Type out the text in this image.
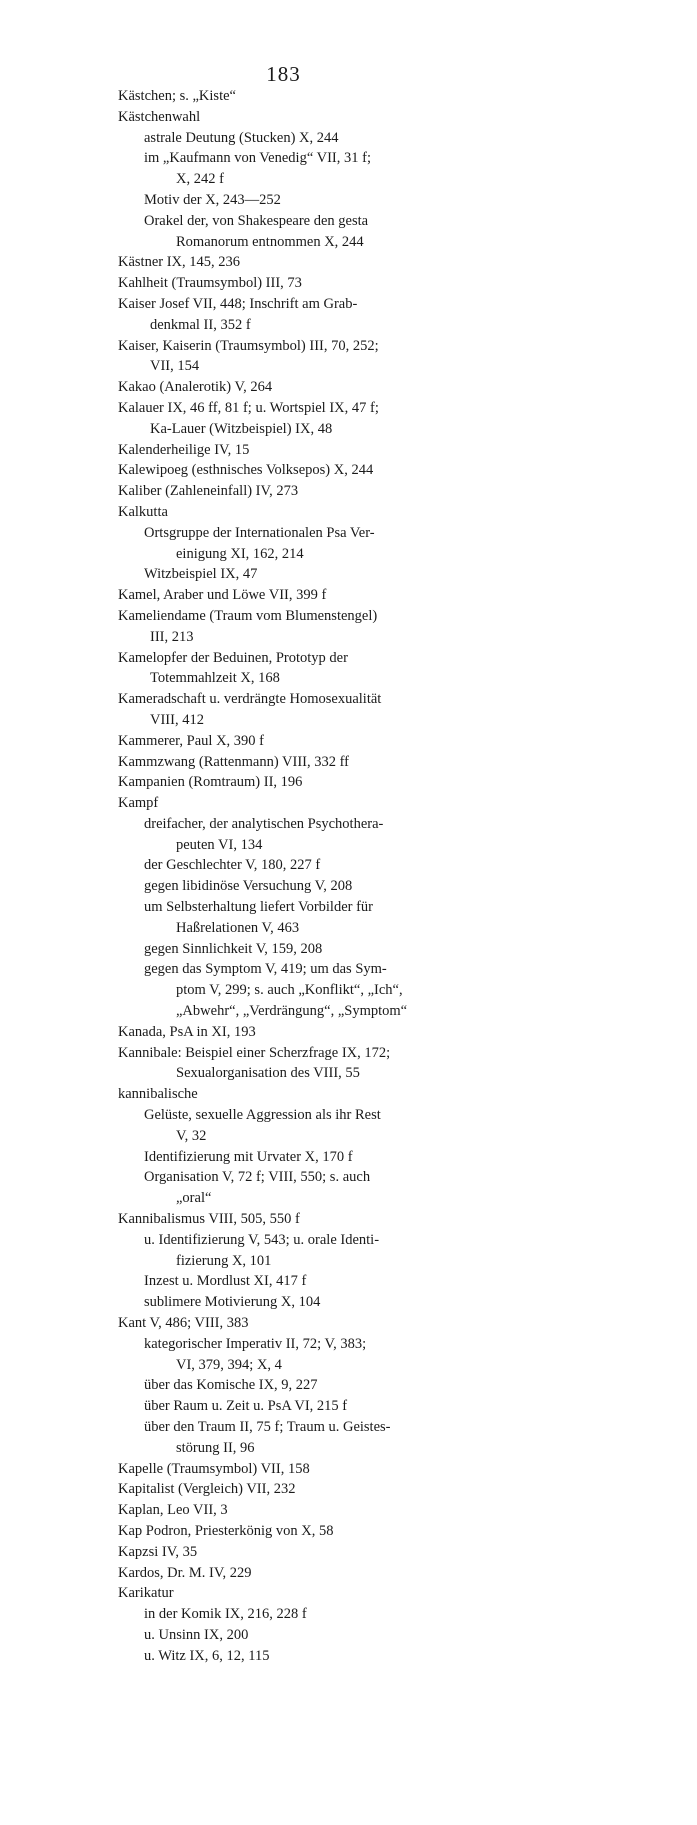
183
Kästchen; s. „Kiste“
Kästchenwahl
astrale Deutung (Stucken) X, 244
im „Kaufmann von Venedig“ VII, 31 f;
X, 242 f
Motiv der X, 243—252
Orakel der, von Shakespeare den gesta
Romanorum entnommen X, 244
Kästner IX, 145, 236
Kahlheit (Traumsymbol) III, 73
Kaiser Josef VII, 448; Inschrift am Grab-
denkmal II, 352 f
Kaiser, Kaiserin (Traumsymbol) III, 70, 252;
VII, 154
Kakao (Analerotik) V, 264
Kalauer IX, 46 ff, 81 f; u. Wortspiel IX, 47 f;
Ka-Lauer (Witzbeispiel) IX, 48
Kalenderheilige IV, 15
Kalewipoeg (esthnisches Volksepos) X, 244
Kaliber (Zahleneinfall) IV, 273
Kalkutta
Ortsgruppe der Internationalen Psa Ver-
einigung XI, 162, 214
Witzbeispiel IX, 47
Kamel, Araber und Löwe VII, 399 f
Kameliendame (Traum vom Blumenstengel)
III, 213
Kamelopfer der Beduinen, Prototyp der
Totemmahlzeit X, 168
Kameradschaft u. verdrängte Homosexualität
VIII, 412
Kammerer, Paul X, 390 f
Kammzwang (Rattenmann) VIII, 332 ff
Kampanien (Romtraum) II, 196
Kampf
dreifacher, der analytischen Psychothera-
peuten VI, 134
der Geschlechter V, 180, 227 f
gegen libidinöse Versuchung V, 208
um Selbsterhaltung liefert Vorbilder für
Haßrelationen V, 463
gegen Sinnlichkeit V, 159, 208
gegen das Symptom V, 419; um das Sym-
ptom V, 299; s. auch „Konflikt“, „Ich“,
„Abwehr“, „Verdrängung“, „Symptom“
Kanada, PsA in XI, 193
Kannibale: Beispiel einer Scherzfrage IX, 172;
Sexualorganisation des VIII, 55
kannibalische
Gelüste, sexuelle Aggression als ihr Rest
V, 32
Identifizierung mit Urvater X, 170 f
Organisation V, 72 f; VIII, 550; s. auch
„oral“
Kannibalismus VIII, 505, 550 f
u. Identifizierung V, 543; u. orale Identi-
fizierung X, 101
Inzest u. Mordlust XI, 417 f
sublimere Motivierung X, 104
Kant V, 486; VIII, 383
kategorischer Imperativ II, 72; V, 383;
VI, 379, 394; X, 4
über das Komische IX, 9, 227
über Raum u. Zeit u. PsA VI, 215 f
über den Traum II, 75 f; Traum u. Geistes-
störung II, 96
Kapelle (Traumsymbol) VII, 158
Kapitalist (Vergleich) VII, 232
Kaplan, Leo VII, 3
Kap Podron, Priesterkönig von X, 58
Kapzsi IV, 35
Kardos, Dr. M. IV, 229
Karikatur
in der Komik IX, 216, 228 f
u. Unsinn IX, 200
u. Witz IX, 6, 12, 115
